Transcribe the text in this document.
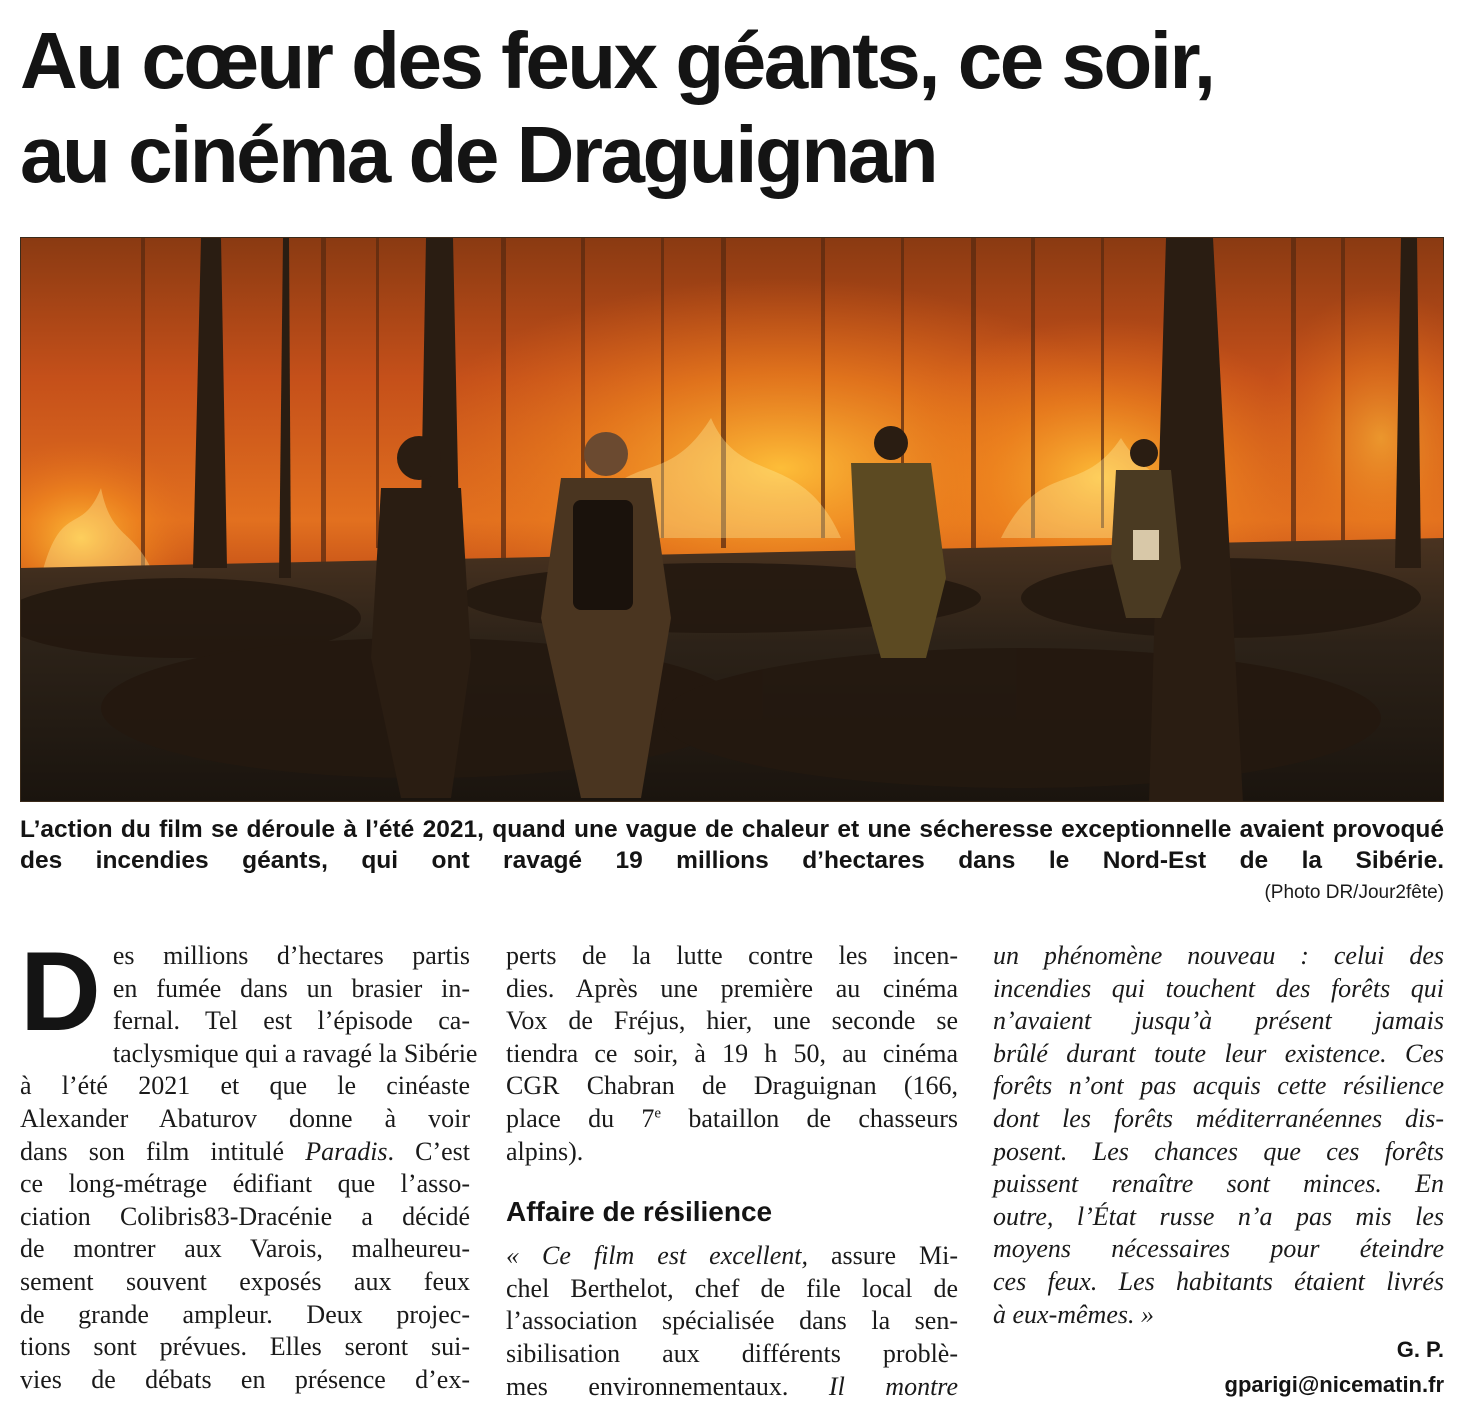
Au cœur des feux géants, ce soir,
au cinéma de Draguignan

L’action du film se déroule à l’été 2021, quand une vague de chaleur et une sécheresse exceptionnelle avaient provoqué des incendies géants, qui ont ravagé 19 millions d’hectares dans le Nord-Est de la Sibérie.

(Photo DR/Jour2fête)
D es millions d’hectares partis
en fumée dans un brasier in-
fernal. Tel est l’épisode ca-
taclysmique qui a ravagé la Sibérie
à l’été 2021 et que le cinéaste
Alexander Abaturov donne à voir
dans son film intitulé Paradis. C’est
ce long-métrage édifiant que l’asso-
ciation Colibris83-Dracénie a décidé
de montrer aux Varois, malheureu-
sement souvent exposés aux feux
de grande ampleur. Deux projec-
tions sont prévues. Elles seront sui-
vies de débats en présence d’ex-
perts de la lutte contre les incen-
dies. Après une première au cinéma
Vox de Fréjus, hier, une seconde se
tiendra ce soir, à 19 h 50, au cinéma
CGR Chabran de Draguignan (166,
place du 7e bataillon de chasseurs
alpins).
Affaire de résilience
« Ce film est excellent, assure Mi-
chel Berthelot, chef de file local de
l’association spécialisée dans la sen-
sibilisation aux différents problè-
mes environnementaux. Il montre
un phénomène nouveau : celui des
incendies qui touchent des forêts qui
n’avaient jusqu’à présent jamais
brûlé durant toute leur existence. Ces
forêts n’ont pas acquis cette résilience
dont les forêts méditerranéennes dis-
posent. Les chances que ces forêts
puissent renaître sont minces. En
outre, l’État russe n’a pas mis les
moyens nécessaires pour éteindre
ces feux. Les habitants étaient livrés
à eux-mêmes. »
G. P.
gparigi@nicematin.fr
